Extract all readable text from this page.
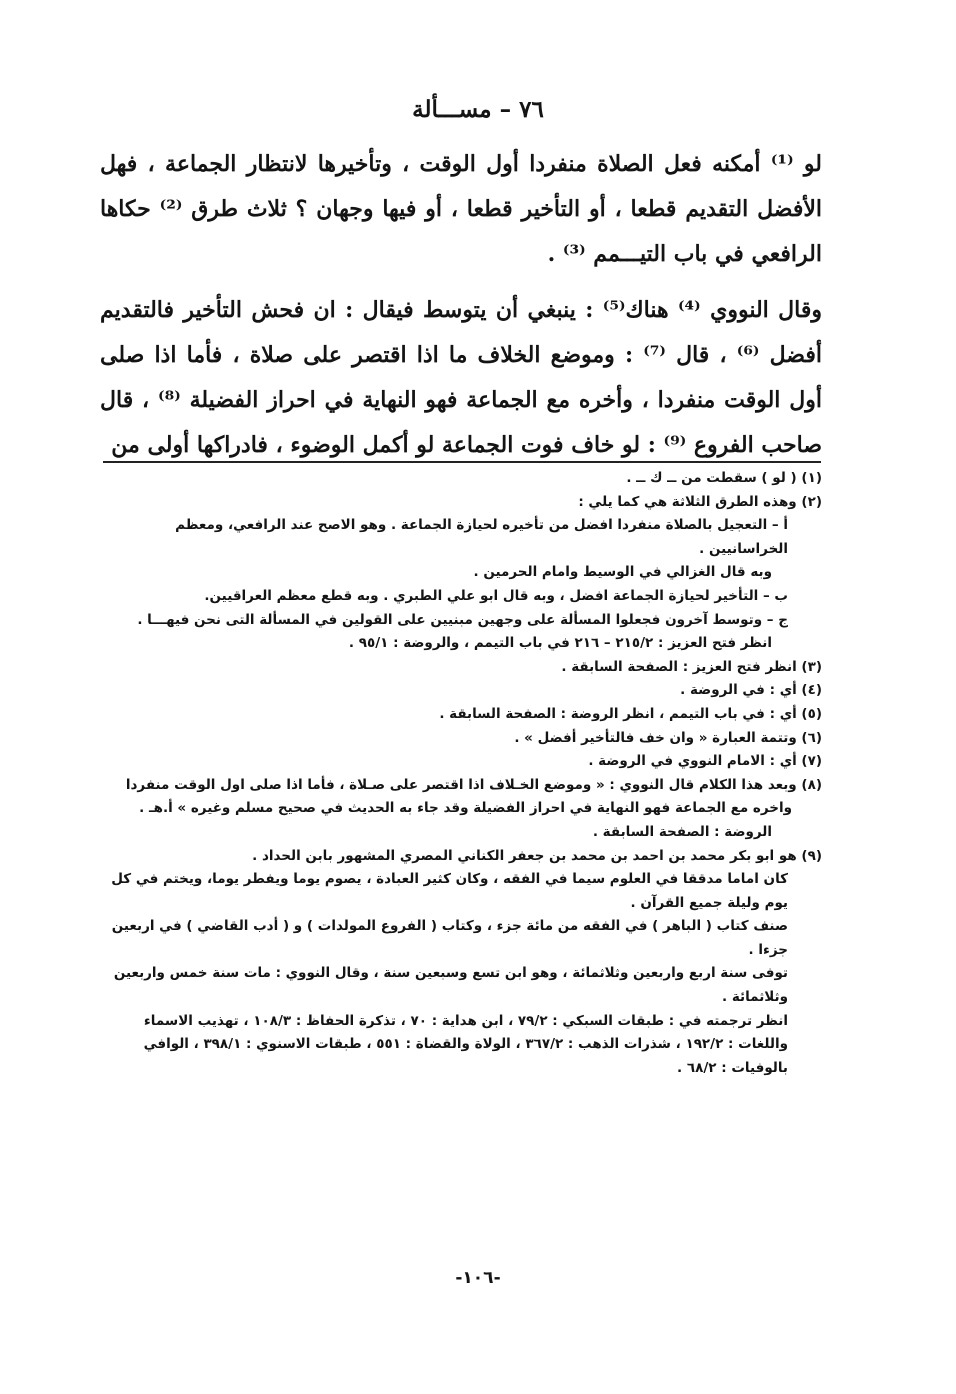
٧٦ – مســـألة
لو ⁽¹⁾ أمكنه فعل الصلاة منفردا أول الوقت ، وتأخيرها لانتظار الجماعة ، فهل الأفضل التقديم قطعا ، أو التأخير قطعا ، أو فيها وجهان ؟ ثلاث طرق ⁽²⁾ حكاها الرافعي في باب التيـــمم ⁽³⁾ .
وقال النووي ⁽⁴⁾ هناك⁽⁵⁾ : ينبغي أن يتوسط فيقال : ان فحش التأخير فالتقديم أفضل ⁽⁶⁾ ، قال ⁽⁷⁾ : وموضع الخلاف ما اذا اقتصر على صلاة ، فأما اذا صلى أول الوقت منفردا ، وأخره مع الجماعة فهو النهاية في احراز الفضيلة ⁽⁸⁾ ، قال صاحب الفروع ⁽⁹⁾ : لو خاف فوت الجماعة لو أكمل الوضوء ، فادراكها أولى من

(١) ( لو ) سقطت من ــ ك ــ .

(٢) وهذه الطرق الثلاثة هي كما يلي :

أ – التعجيل بالصلاة منفردا افضل من تأخيره لحيازة الجماعة . وهو الاصح عند الرافعي، ومعظم الخراسانيين .

وبه قال الغزالي في الوسيط وامام الحرمين .

ب – التأخير لحيازة الجماعة افضل ، وبه قال ابو علي الطبري . وبه قطع معظم العراقيين.

ج – وتوسط آخرون فجعلوا المسألة على وجهين مبنيين على القولين في المسألة التى نحن فيهـــا .

انظر فتح العزيز : ٢١٥/٢ – ٢١٦ في باب التيمم ، والروضة : ٩٥/١ .

(٣) انظر فتح العزيز : الصفحة السابقة .

(٤) أي : في الروضة .

(٥) أي : في باب التيمم ، انظر الروضة : الصفحة السابقة .

(٦) وتتمة العبارة « وان خف فالتأخير أفضل » .

(٧) أي : الامام النووي في الروضة .

(٨) وبعد هذا الكلام قال النووي : « وموضع الخـلاف اذا اقتصر على صـلاة ، فأما اذا صلى اول الوقت منفردا واخره مع الجماعة فهو النهاية في احراز الفضيلة وقد جاء به الحديث في صحيح مسلم وغيره » أ.هـ .

الروضة : الصفحة السابقة .

(٩) هو ابو بكر محمد بن احمد بن محمد بن جعفر الكناني المصري المشهور بابن الحداد .

كان اماما مدققا في العلوم سيما في الفقه ، وكان كثير العبادة ، يصوم يوما ويفطر يوما، ويختم في كل يوم وليلة جميع القرآن .

صنف كتاب ( الباهر ) في الفقه من مائة جزء ، وكتاب ( الفروع المولدات ) و ( أدب القاضي ) في اربعين جزءا .

توفى سنة اربع واربعين وثلاثمائة ، وهو ابن تسع وسبعين سنة ، وقال النووي : مات سنة خمس واربعين وثلاثمائة .

انظر ترجمته في : طبقات السبكي : ٧٩/٢ ، ابن هداية : ٧٠ ، تذكرة الحفاظ : ١٠٨/٣ ، تهذيب الاسماء واللغات : ١٩٢/٢ ، شذرات الذهب : ٣٦٧/٢ ، الولاة والقضاة : ٥٥١ ، طبقات الاسنوي : ٣٩٨/١ ، الوافي بالوفيات : ٦٨/٢ .

-١٠٦-
